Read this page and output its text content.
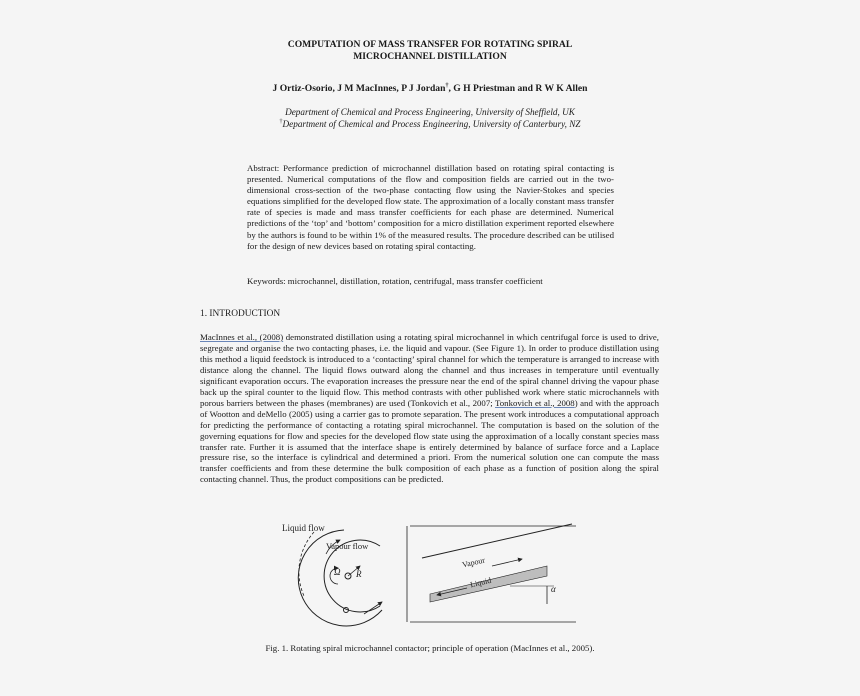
COMPUTATION OF MASS TRANSFER FOR ROTATING SPIRAL
MICROCHANNEL DISTILLATION
J Ortiz-Osorio, J M MacInnes, P J Jordan†, G H Priestman and R W K Allen
Department of Chemical and Process Engineering, University of Sheffield, UK
†Department of Chemical and Process Engineering, University of Canterbury, NZ
Abstract: Performance prediction of microchannel distillation based on rotating spiral contacting is presented. Numerical computations of the flow and composition fields are carried out in the two-dimensional cross-section of the two-phase contacting flow using the Navier-Stokes and species equations simplified for the developed flow state. The approximation of a locally constant mass transfer rate of species is made and mass transfer coefficients for each phase are determined. Numerical predictions of the ‘top’ and ‘bottom’ composition for a micro distillation experiment reported elsewhere by the authors is found to be within 1% of the measured results. The procedure described can be utilised for the design of new devices based on rotating spiral contacting.
Keywords: microchannel, distillation, rotation, centrifugal, mass transfer coefficient
1. INTRODUCTION
MacInnes et al., (2008) demonstrated distillation using a rotating spiral microchannel in which centrifugal force is used to drive, segregate and organise the two contacting phases, i.e. the liquid and vapour. (See Figure 1). In order to produce distillation using this method a liquid feedstock is introduced to a ‘contacting’ spiral channel for which the temperature is arranged to increase with distance along the channel. The liquid flows outward along the channel and thus increases in temperature until eventually significant evaporation occurs. The evaporation increases the pressure near the end of the spiral channel driving the vapour phase back up the spiral counter to the liquid flow. This method contrasts with other published work where static microchannels with porous barriers between the phases (membranes) are used (Tonkovich et al., 2007; Tonkovich et al., 2008) and with the approach of Wootton and deMello (2005) using a carrier gas to promote separation. The present work introduces a computational approach for predicting the performance of contacting a rotating spiral microchannel. The computation is based on the solution of the governing equations for flow and species for the developed flow state using the approximation of a locally constant species mass transfer rate. Further it is assumed that the interface shape is entirely determined by balance of surface force and a Laplace pressure rise, so the interface is cylindrical and determined a priori. From the numerical solution one can compute the mass transfer coefficients and from these determine the bulk composition of each phase as a function of position along the spiral contacting channel. Thus, the product compositions can be predicted.
Liquid flow
Vapour flow
Ω R
Vapour
Liquid	α
Fig. 1. Rotating spiral microchannel contactor; principle of operation (MacInnes et al., 2005).
